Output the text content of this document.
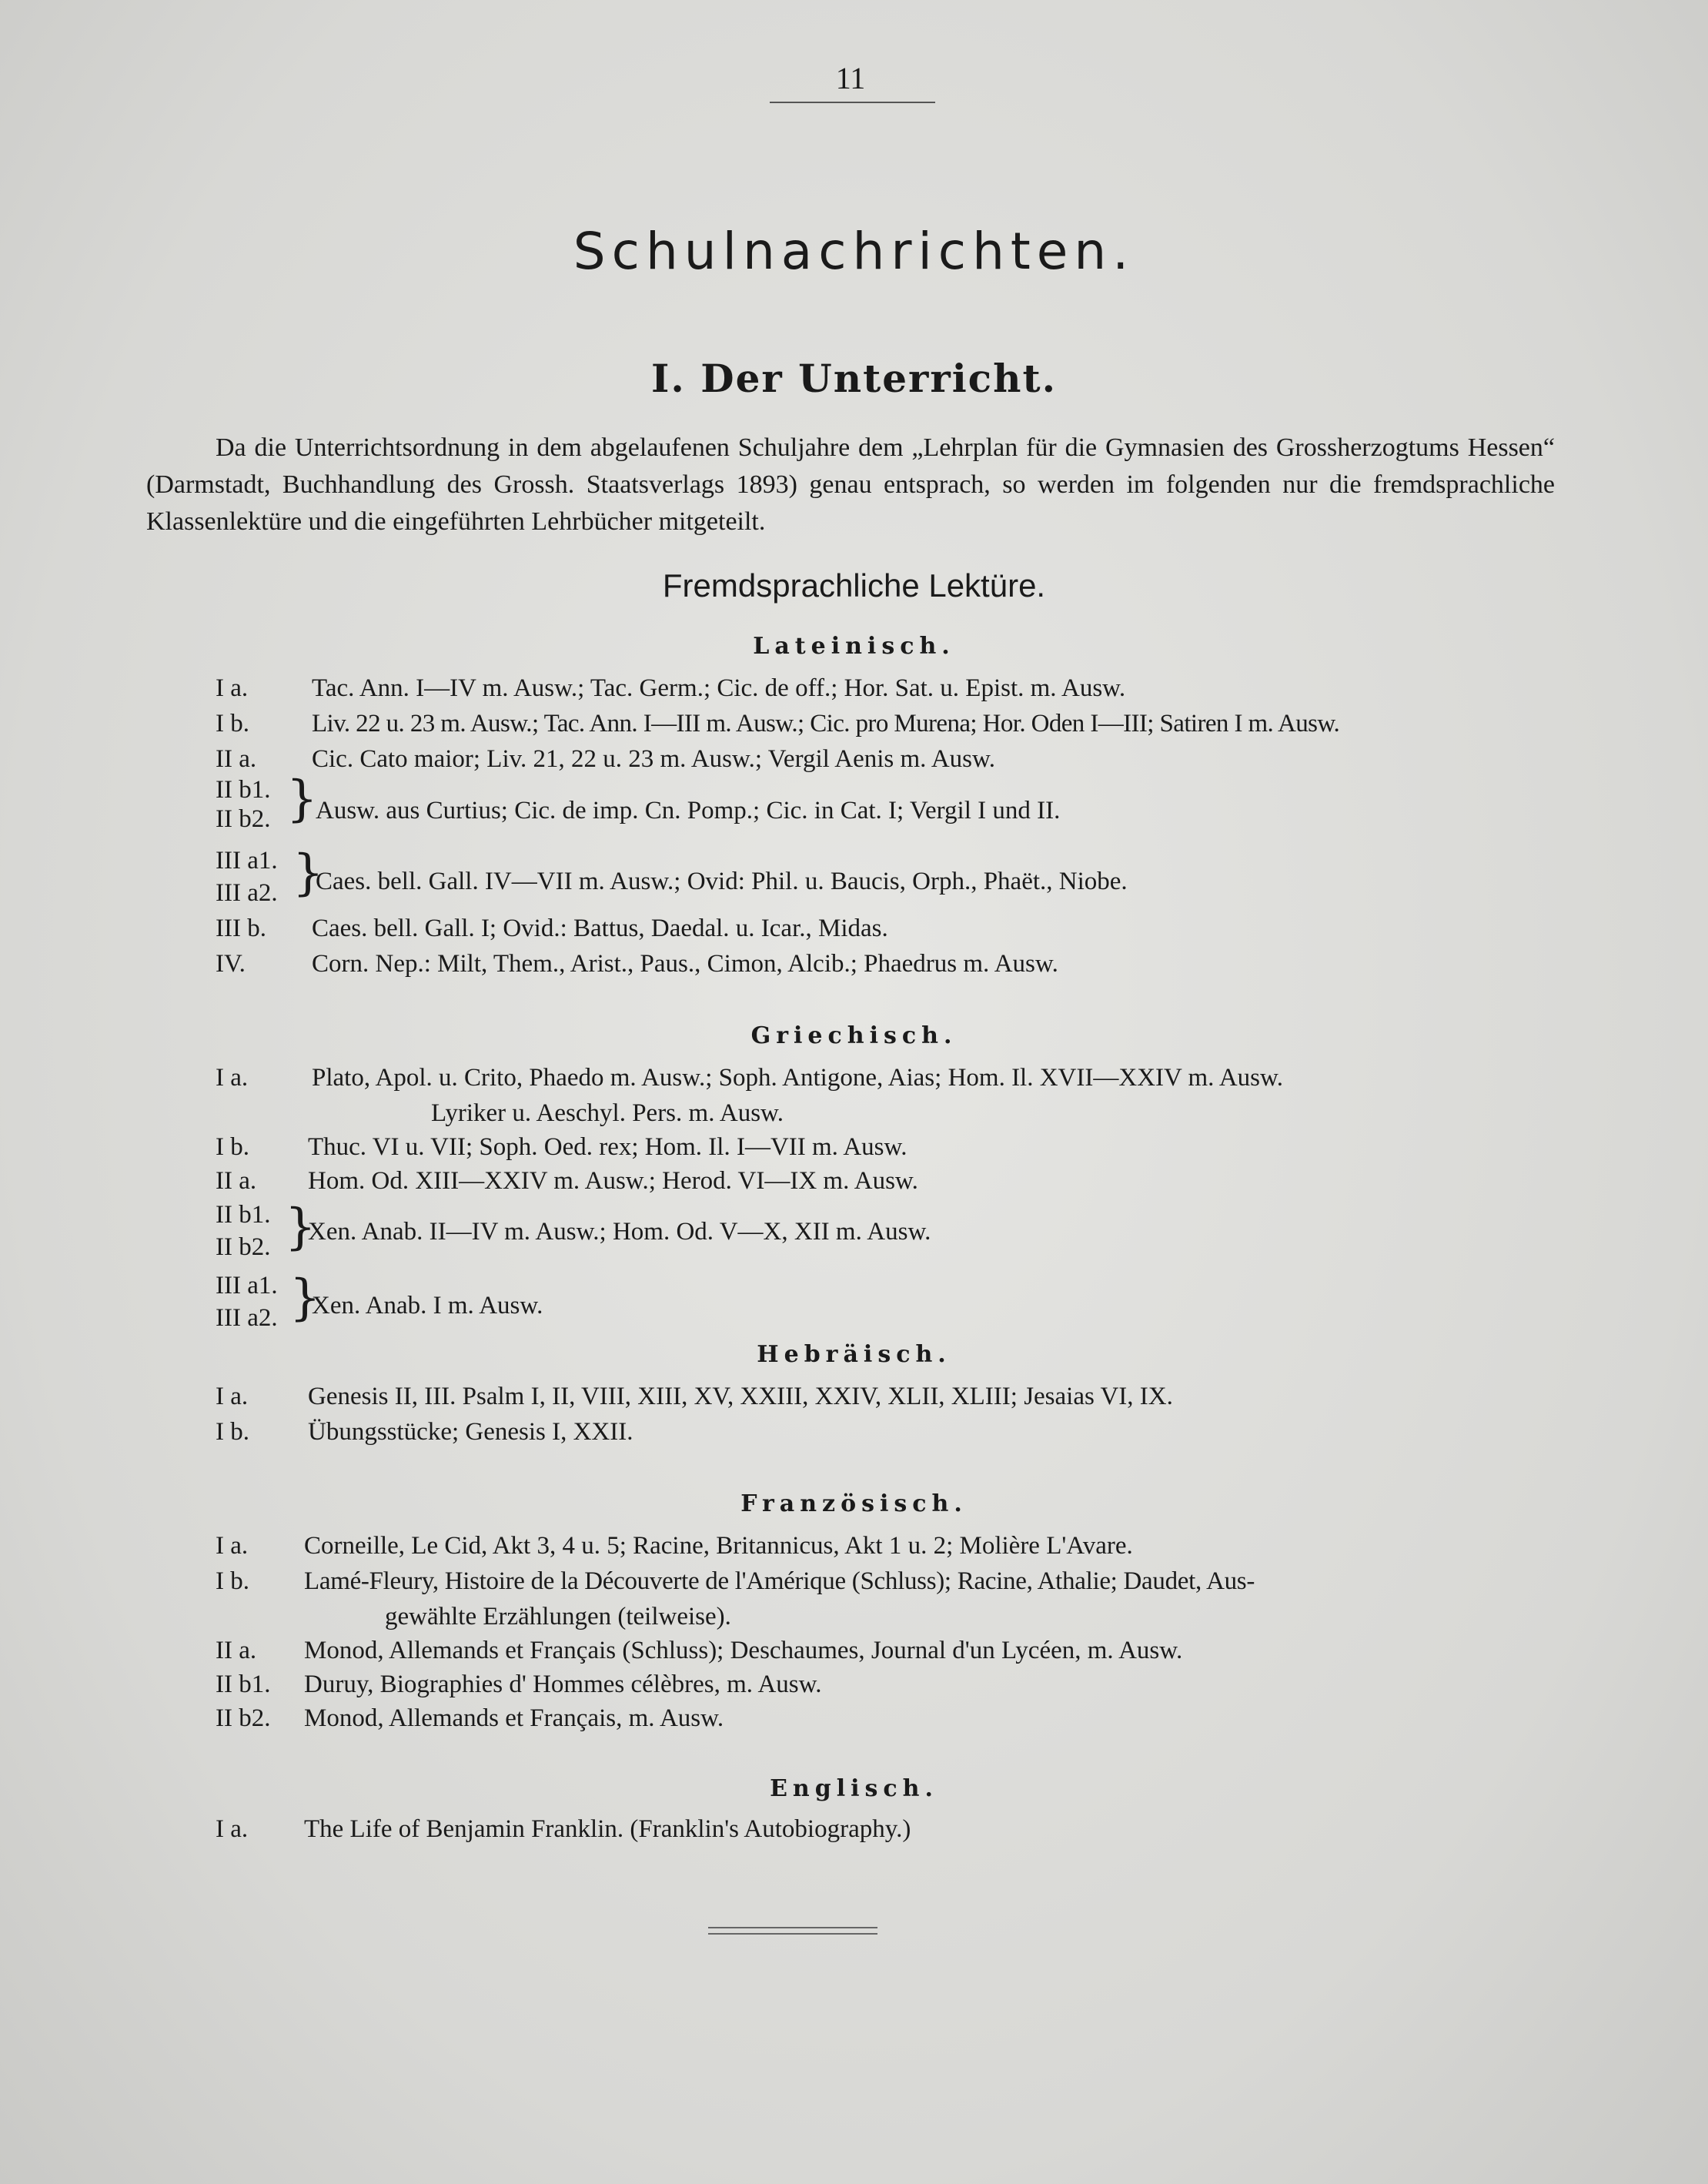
11
Schulnachrichten.
I. Der Unterricht.

Da die Unterrichtsordnung in dem abgelaufenen Schuljahre dem „Lehrplan für die Gymnasien des Grossherzogtums Hessen“ (Darmstadt, Buchhandlung des Grossh. Staatsverlags 1893) genau entsprach, so werden im folgenden nur die fremdsprachliche Klassenlektüre und die eingeführten Lehrbücher mitgeteilt.

Fremdsprachliche Lektüre.
Lateinisch.
I a.	Tac. Ann. I—IV m. Ausw.; Tac. Germ.; Cic. de off.; Hor. Sat. u. Epist. m. Ausw.
I b.	Liv. 22 u. 23 m. Ausw.; Tac. Ann. I—III m. Ausw.; Cic. pro Murena; Hor. Oden I—III; Satiren I m. Ausw.
II a.	Cic. Cato maior; Liv. 21, 22 u. 23 m. Ausw.; Vergil Aenis m. Ausw.
II b1.
II b2. }
Ausw. aus Curtius; Cic. de imp. Cn. Pomp.; Cic. in Cat. I; Vergil I und II.
III a1.
III a2. }
Caes. bell. Gall. IV—VII m. Ausw.; Ovid: Phil. u. Baucis, Orph., Phaët., Niobe.
III b.	Caes. bell. Gall. I; Ovid.: Battus, Daedal. u. Icar., Midas.
IV.	Corn. Nep.: Milt, Them., Arist., Paus., Cimon, Alcib.; Phaedrus m. Ausw.
Griechisch.
I a.	Plato, Apol. u. Crito, Phaedo m. Ausw.; Soph. Antigone, Aias; Hom. Il. XVII—XXIV m. Ausw.
Lyriker u. Aeschyl. Pers. m. Ausw.
I b.	Thuc. VI u. VII; Soph. Oed. rex; Hom. Il. I—VII m. Ausw.
II a.	Hom. Od. XIII—XXIV m. Ausw.; Herod. VI—IX m. Ausw.
II b1.
II b2. }
Xen. Anab. II—IV m. Ausw.; Hom. Od. V—X, XII m. Ausw.
III a1.
III a2. }
Xen. Anab. I m. Ausw.
Hebräisch.
I a.	Genesis II, III. Psalm I, II, VIII, XIII, XV, XXIII, XXIV, XLII, XLIII; Jesaias VI, IX.
I b.	Übungsstücke; Genesis I, XXII.
Französisch.
I a.	Corneille, Le Cid, Akt 3, 4 u. 5; Racine, Britannicus, Akt 1 u. 2; Molière L'Avare.
I b.	Lamé-Fleury, Histoire de la Découverte de l'Amérique (Schluss); Racine, Athalie; Daudet, Aus-
gewählte Erzählungen (teilweise).
II a.	Monod, Allemands et Français (Schluss); Deschaumes, Journal d'un Lycéen, m. Ausw.
II b1.	Duruy, Biographies d' Hommes célèbres, m. Ausw.
II b2.	Monod, Allemands et Français, m. Ausw.
Englisch.
I a.	The Life of Benjamin Franklin. (Franklin's Autobiography.)
